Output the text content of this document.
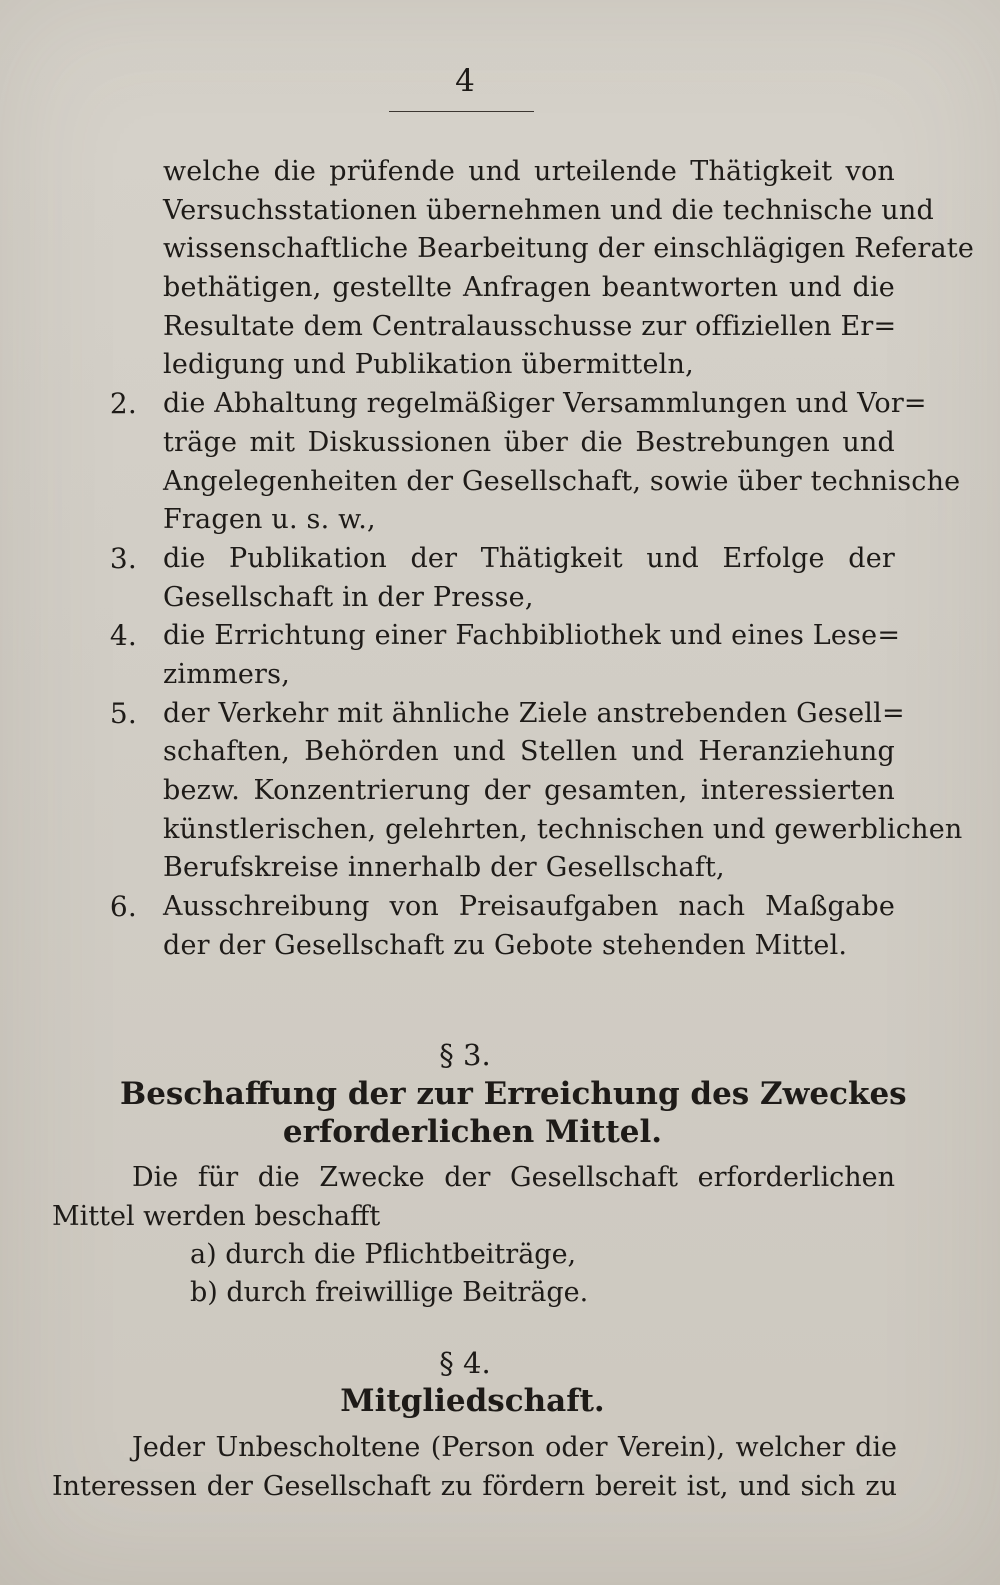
4
welche die prüfende und urteilende Thätigkeit von
Versuchsstationen übernehmen und die technische und
wissenschaftliche Bearbeitung der einschlägigen Referate
bethätigen, gestellte Anfragen beantworten und die
Resultate dem Centralausschusse zur offiziellen Er=
ledigung und Publikation übermitteln,
2. die Abhaltung regelmäßiger Versammlungen und Vor=
träge mit Diskussionen über die Bestrebungen und
Angelegenheiten der Gesellschaft, sowie über technische
Fragen u. s. w.,
3. die Publikation der Thätigkeit und Erfolge der
Gesellschaft in der Presse,
4. die Errichtung einer Fachbibliothek und eines Lese=
zimmers,
5. der Verkehr mit ähnliche Ziele anstrebenden Gesell=
schaften, Behörden und Stellen und Heranziehung
bezw. Konzentrierung der gesamten, interessierten
künstlerischen, gelehrten, technischen und gewerblichen
Berufskreise innerhalb der Gesellschaft,
6. Ausschreibung von Preisaufgaben nach Maßgabe
der der Gesellschaft zu Gebote stehenden Mittel.
§ 3.
Beschaffung der zur Erreichung des Zweckes
erforderlichen Mittel.
Die für die Zwecke der Gesellschaft erforderlichen
Mittel werden beschafft
a) durch die Pflichtbeiträge,
b) durch freiwillige Beiträge.
§ 4.
Mitgliedschaft.
Jeder Unbescholtene (Person oder Verein), welcher die
Interessen der Gesellschaft zu fördern bereit ist, und sich zu
